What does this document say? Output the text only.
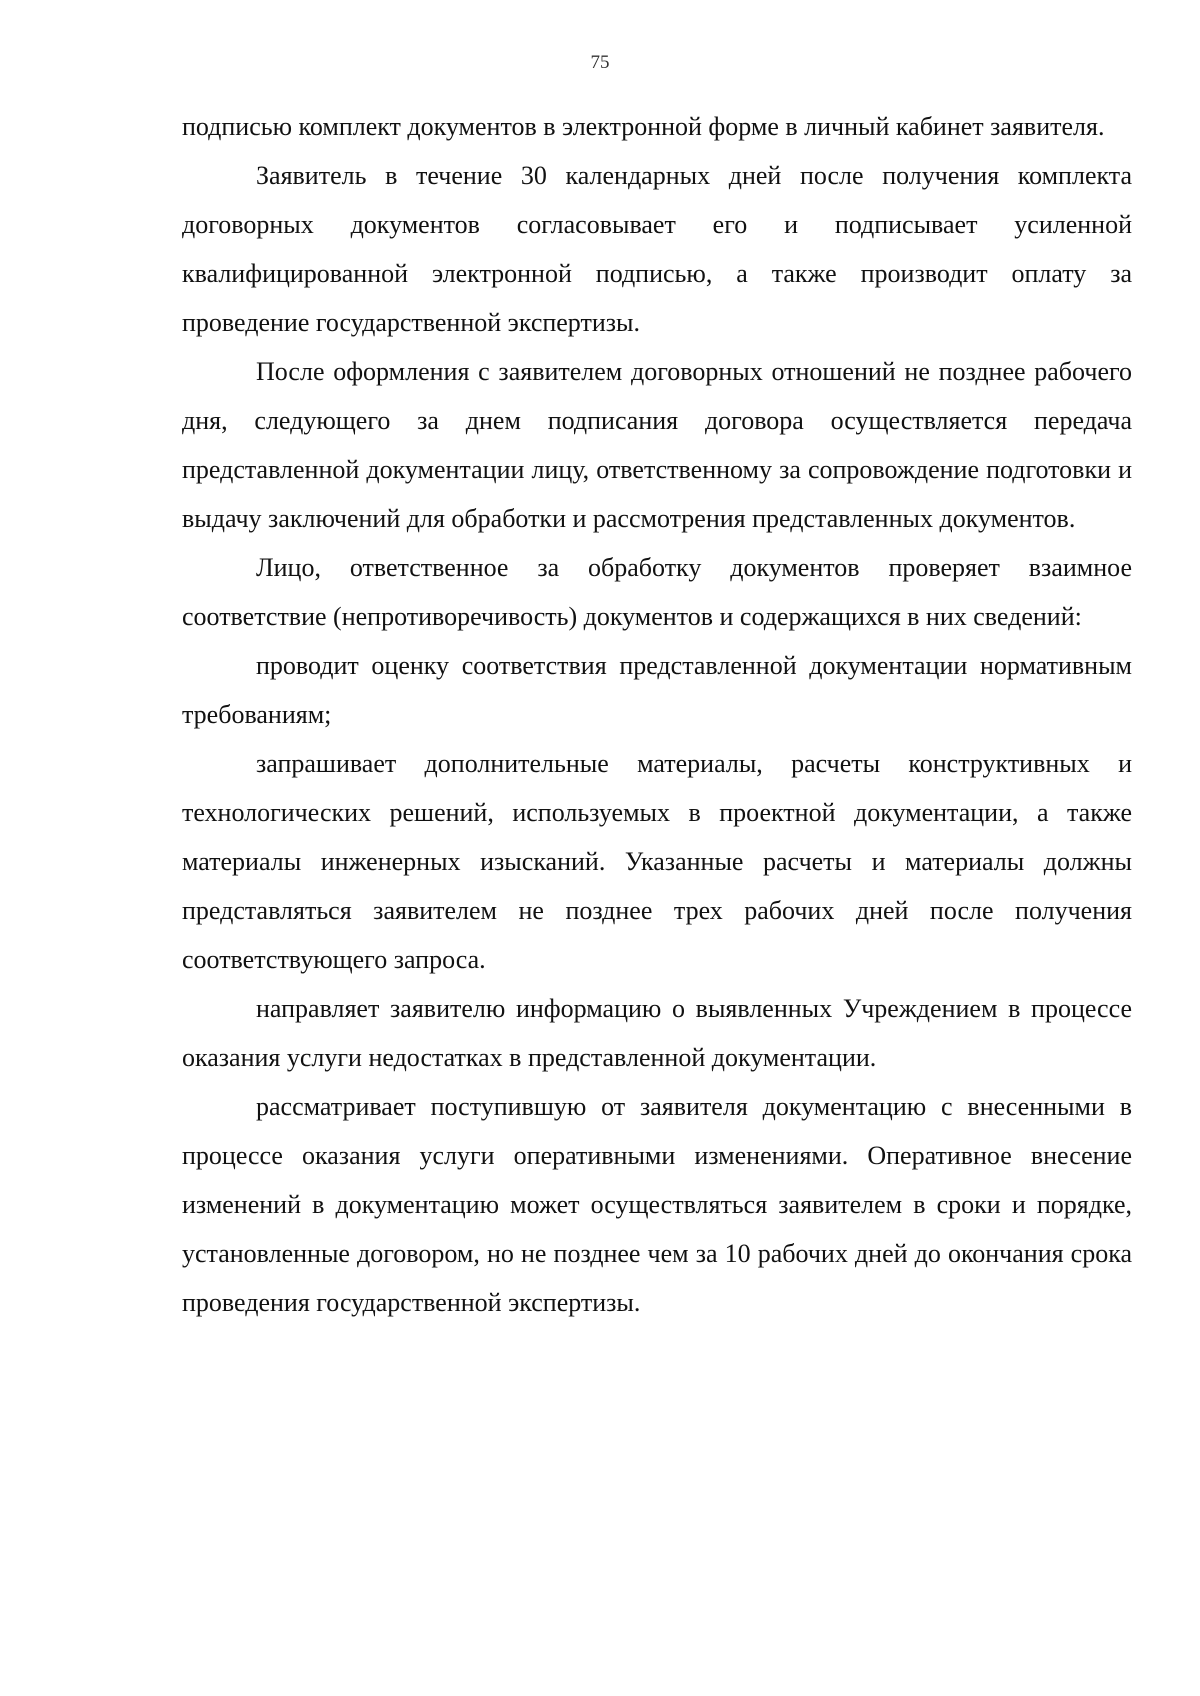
75

подписью комплект документов в электронной форме в личный кабинет заявителя.

Заявитель в течение 30 календарных дней после получения комплекта договорных документов согласовывает его и подписывает усиленной квалифицированной электронной подписью, а также производит оплату за проведение государственной экспертизы.

После оформления с заявителем договорных отношений не позднее рабочего дня, следующего за днем подписания договора осуществляется передача представленной документации лицу, ответственному за сопровождение подготовки и выдачу заключений для обработки и рассмотрения представленных документов.

Лицо, ответственное за обработку документов проверяет взаимное соответствие (непротиворечивость) документов и содержащихся в них сведений:

проводит оценку соответствия представленной документации нормативным требованиям;

запрашивает дополнительные материалы, расчеты конструктивных и технологических решений, используемых в проектной документации, а также материалы инженерных изысканий. Указанные расчеты и материалы должны представляться заявителем не позднее трех рабочих дней после получения соответствующего запроса.

направляет заявителю информацию о выявленных Учреждением в процессе оказания услуги недостатках в представленной документации.

рассматривает поступившую от заявителя документацию с внесенными в процессе оказания услуги оперативными изменениями. Оперативное внесение изменений в документацию может осуществляться заявителем в сроки и порядке, установленные договором, но не позднее чем за 10 рабочих дней до окончания срока проведения государственной экспертизы.
